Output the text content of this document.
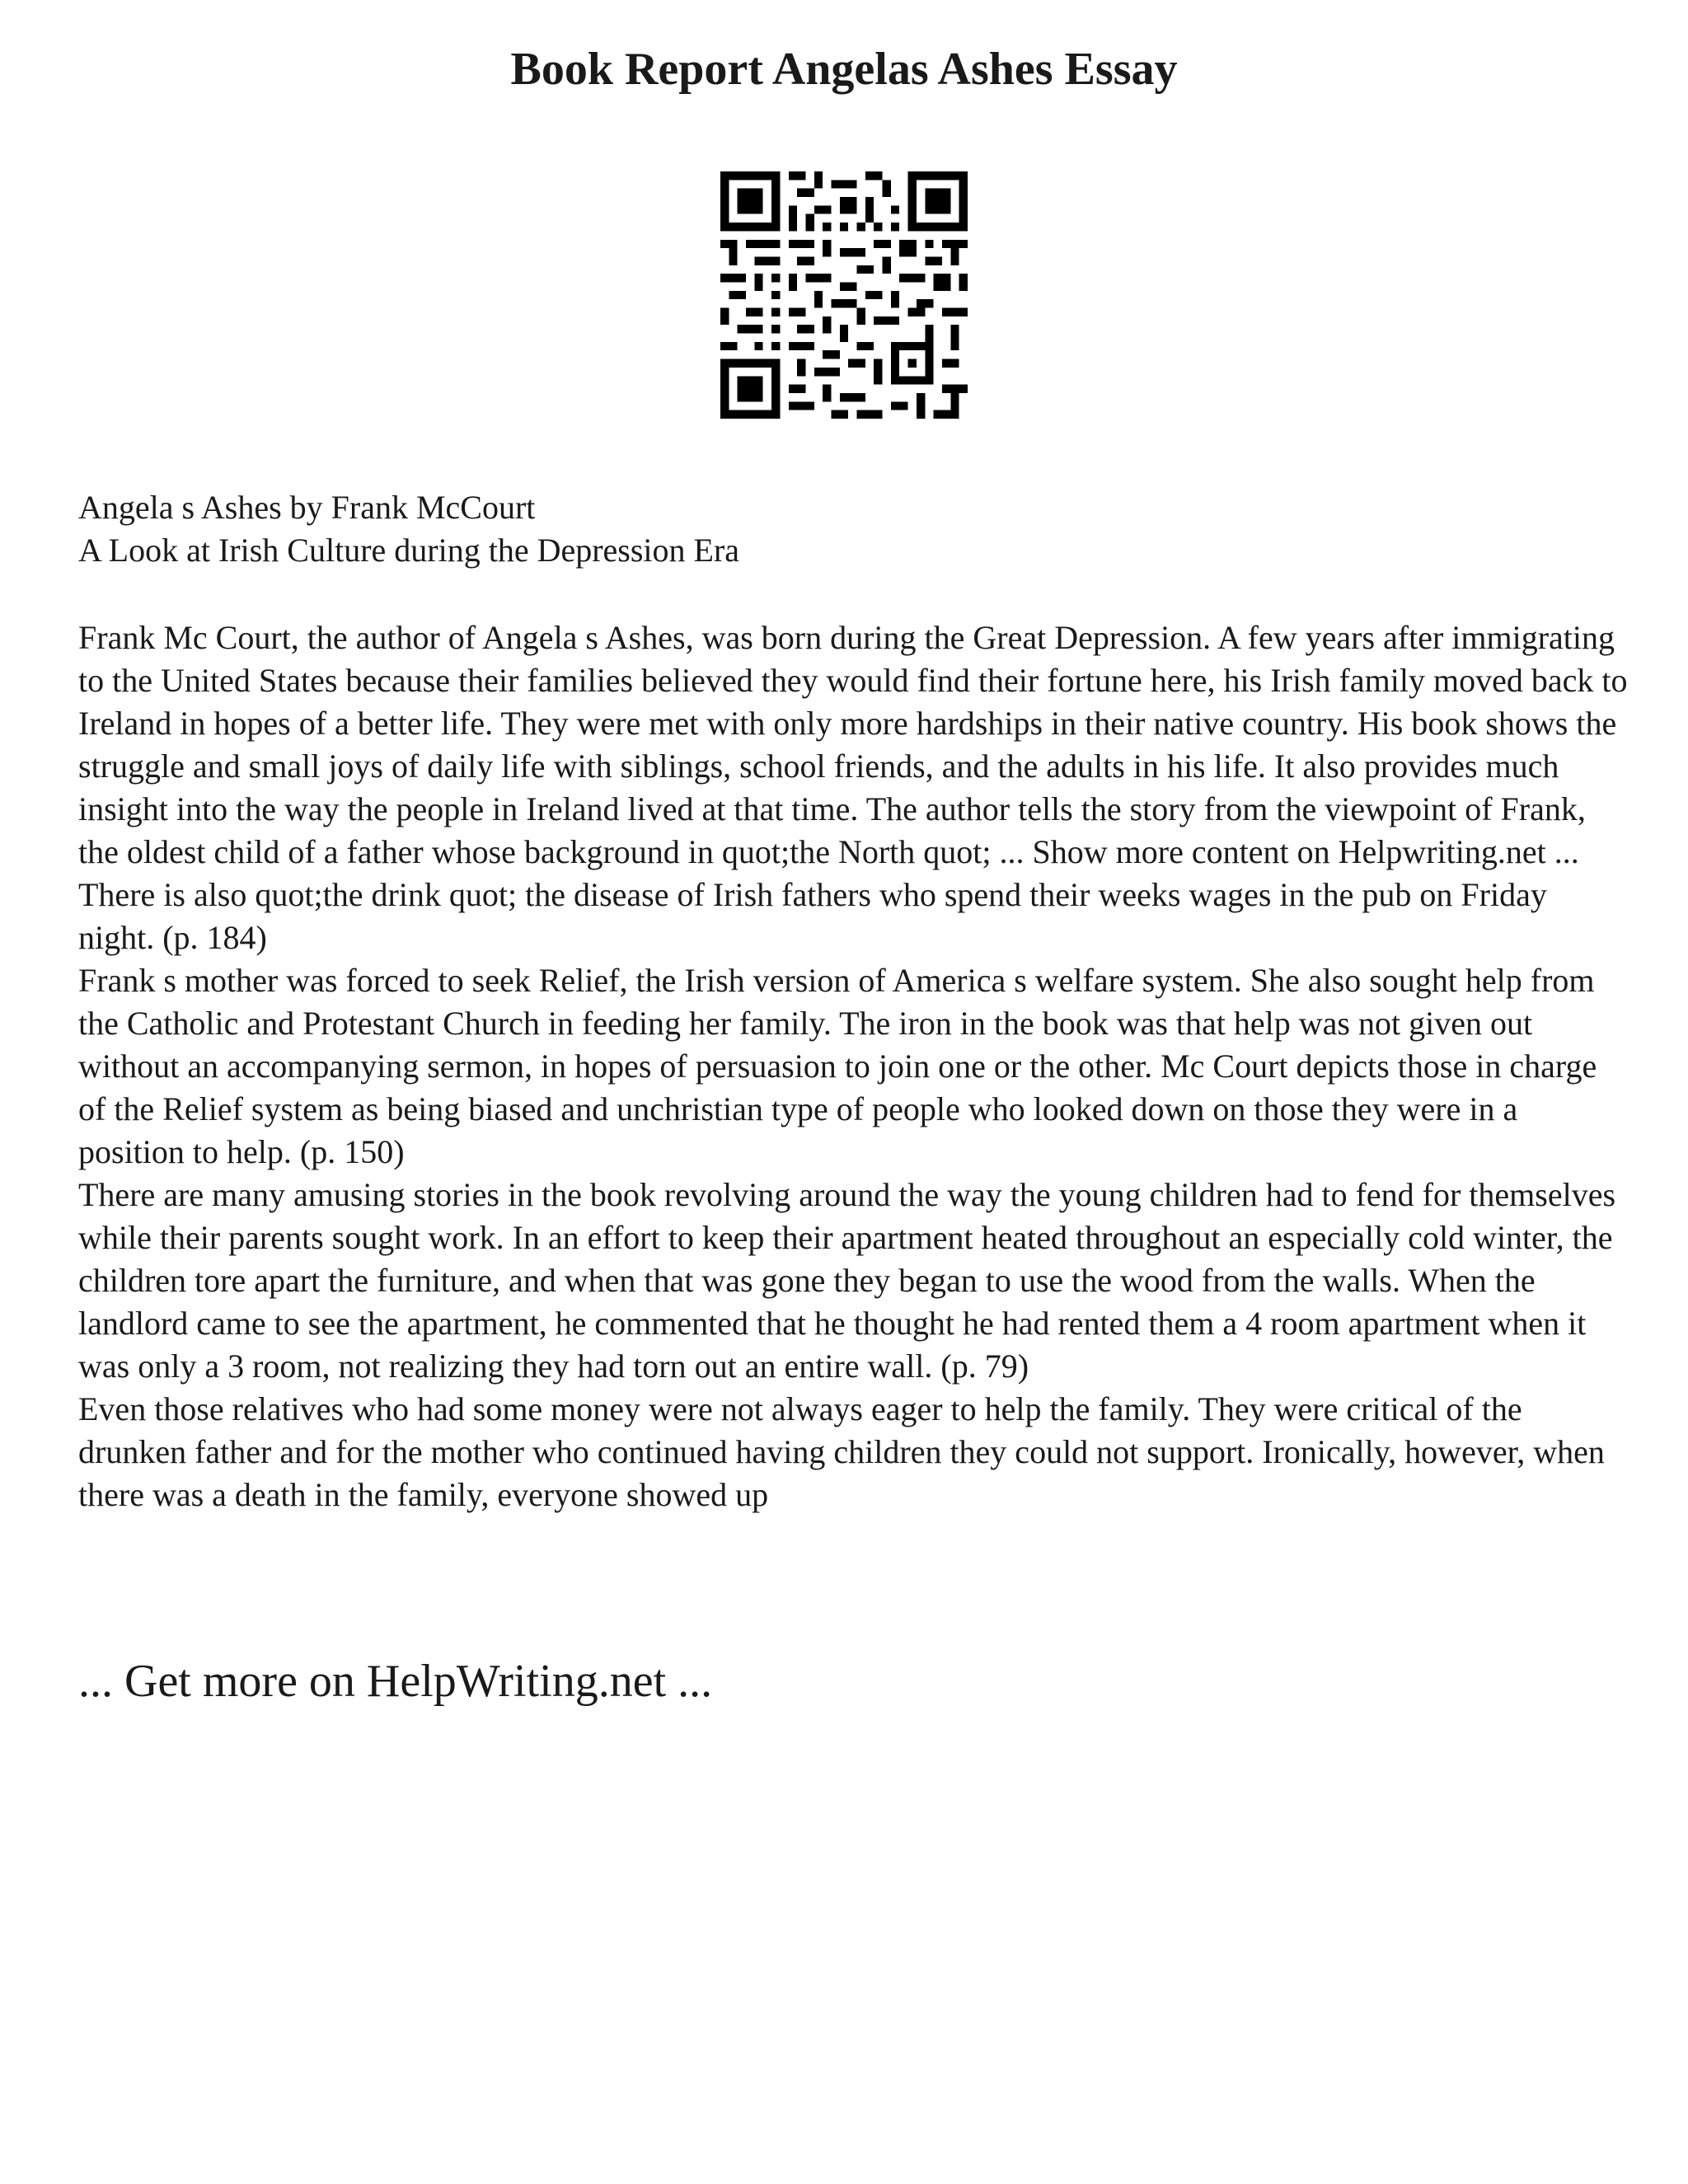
Book Report Angelas Ashes Essay
Angela s Ashes by Frank McCourt
A Look at Irish Culture during the Depression Era

Frank Mc Court, the author of Angela s Ashes, was born during the Great Depression. A few years after immigrating to the United States because their families believed they would find their fortune here, his Irish family moved back to Ireland in hopes of a better life. They were met with only more hardships in their native country. His book shows the struggle and small joys of daily life with siblings, school friends, and the adults in his life. It also provides much insight into the way the people in Ireland lived at that time. The author tells the story from the viewpoint of Frank, the oldest child of a father whose background in quot;the North quot; ... Show more content on Helpwriting.net ...

There is also quot;the drink quot; the disease of Irish fathers who spend their weeks wages in the pub on Friday night. (p. 184)

Frank s mother was forced to seek Relief, the Irish version of America s welfare system. She also sought help from the Catholic and Protestant Church in feeding her family. The iron in the book was that help was not given out without an accompanying sermon, in hopes of persuasion to join one or the other. Mc Court depicts those in charge of the Relief system as being biased and unchristian type of people who looked down on those they were in a position to help. (p. 150)

There are many amusing stories in the book revolving around the way the young children had to fend for themselves while their parents sought work. In an effort to keep their apartment heated throughout an especially cold winter, the children tore apart the furniture, and when that was gone they began to use the wood from the walls. When the landlord came to see the apartment, he commented that he thought he had rented them a 4 room apartment when it was only a 3 room, not realizing they had torn out an entire wall. (p. 79)

Even those relatives who had some money were not always eager to help the family. They were critical of the drunken father and for the mother who continued having children they could not support. Ironically, however, when there was a death in the family, everyone showed up

... Get more on HelpWriting.net ...
